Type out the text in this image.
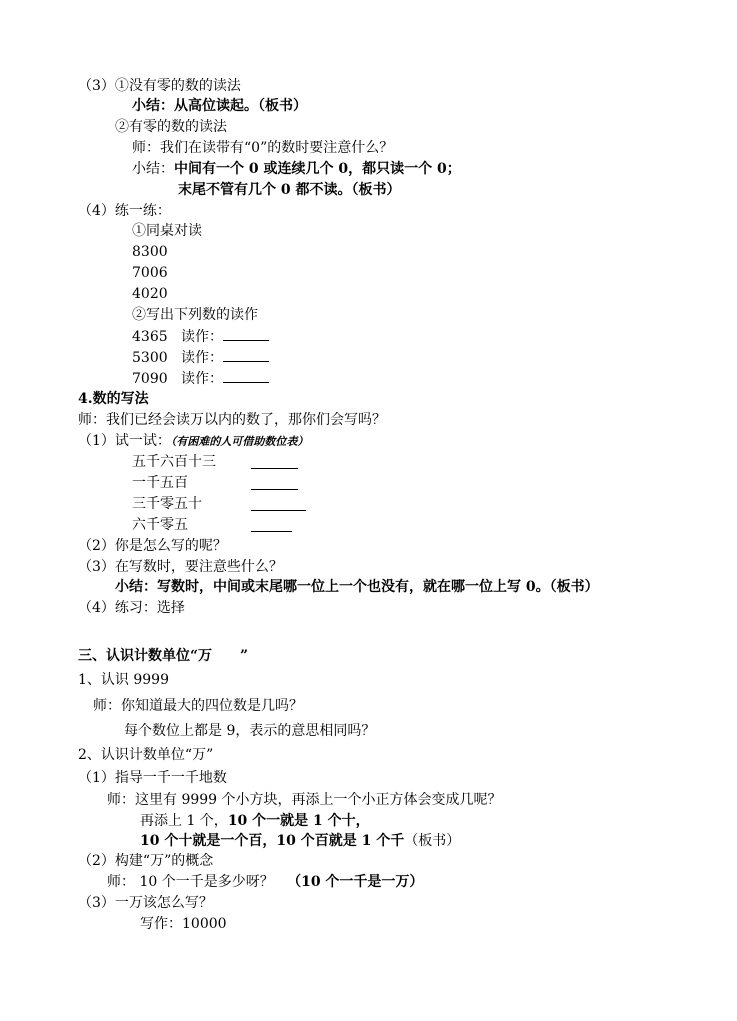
（3）①没有零的数的读法
小结：从高位读起。（板书）
②有零的数的读法
师：我们在读带有“0”的数时要注意什么？
小结：中间有一个 0 或连续几个 0，都只读一个 0；
末尾不管有几个 0 都不读。（板书）
（4）练一练：
①同桌对读
8300
7006
4020
②写出下列数的读作
4365 读作：
5300 读作：
7090 读作：
4.数的写法
师：我们已经会读万以内的数了，那你们会写吗？
（1）试一试：（有困难的人可借助数位表）
五千六百十三
一千五百
三千零五十
六千零五
（2）你是怎么写的呢？
（3）在写数时，要注意些什么？
小结：写数时，中间或末尾哪一位上一个也没有，就在哪一位上写 0。（板书）
（4）练习：选择
三、认识计数单位“万　　”
1、认识 9999
师：你知道最大的四位数是几吗？
每个数位上都是 9，表示的意思相同吗？
2、认识计数单位“万”
（1）指导一千一千地数
师：这里有 9999 个小方块，再添上一个小正方体会变成几呢？
再添上 1 个，10 个一就是 1 个十，
10 个十就是一个百，10 个百就是 1 个千（板书）
（2）构建“万”的概念
师： 10 个一千是多少呀？ （10 个一千是一万）
（3）一万该怎么写？
写作：10000
